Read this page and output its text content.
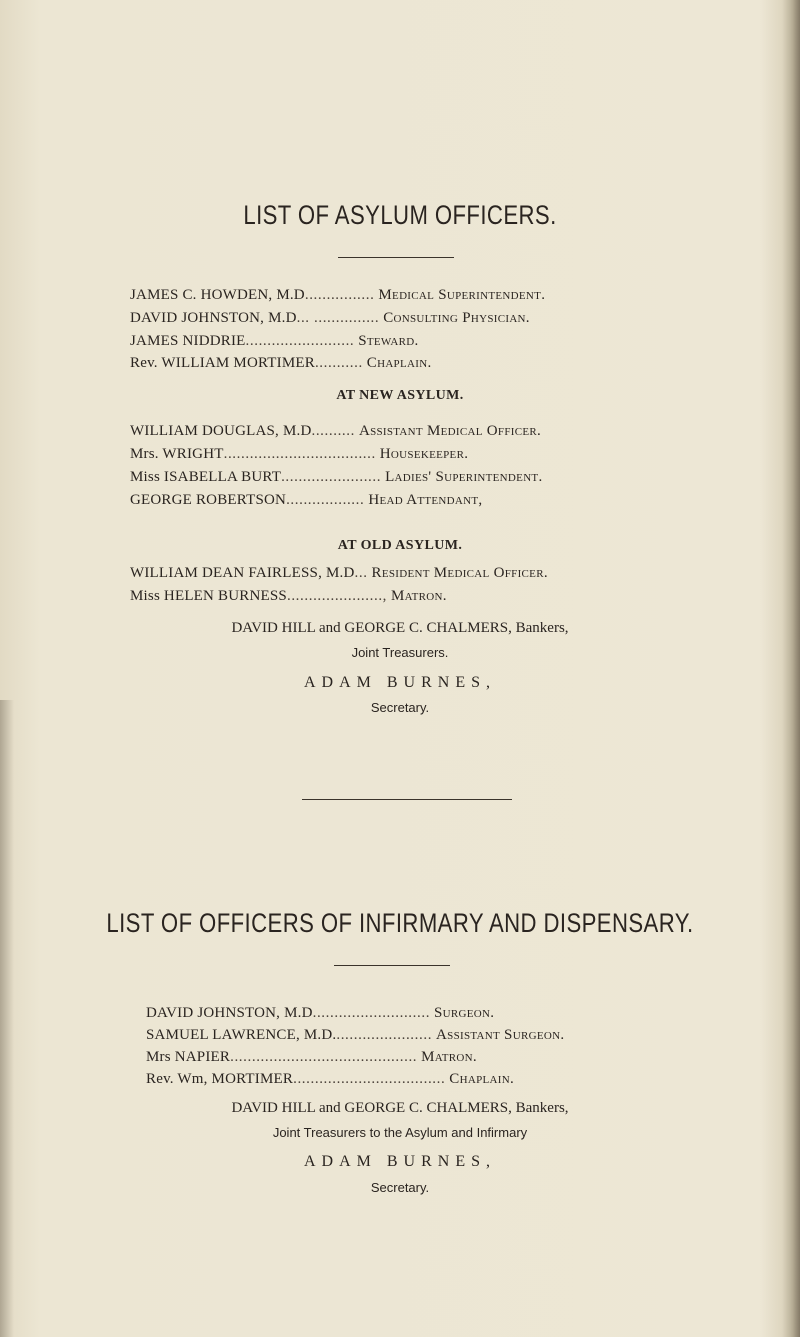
LIST OF ASYLUM OFFICERS.
JAMES C. HOWDEN, M.D................ Medical Superintendent.
DAVID JOHNSTON, M.D... ............... Consulting Physician.
JAMES NIDDRIE......................... Steward.
Rev. WILLIAM MORTIMER........... Chaplain.
AT NEW ASYLUM.
WILLIAM DOUGLAS, M.D.......... Assistant Medical Officer.
Mrs. WRIGHT................................... Housekeeper.
Miss ISABELLA BURT....................... Ladies' Superintendent.
GEORGE ROBERTSON.................. Head Attendant,
AT OLD ASYLUM.
WILLIAM DEAN FAIRLESS, M.D... Resident Medical Officer.
Miss HELEN BURNESS......................, Matron.
DAVID HILL and GEORGE C. CHALMERS, Bankers,
Joint Treasurers.
ADAM BURNES,
Secretary.
LIST OF OFFICERS OF INFIRMARY AND DISPENSARY.
DAVID JOHNSTON, M.D........................... Surgeon.
SAMUEL LAWRENCE, M.D....................... Assistant Surgeon.
Mrs NAPIER........................................... Matron.
Rev. Wm, MORTIMER................................... Chaplain.
DAVID HILL and GEORGE C. CHALMERS, Bankers,
Joint Treasurers to the Asylum and Infirmary
ADAM BURNES,
Secretary.
